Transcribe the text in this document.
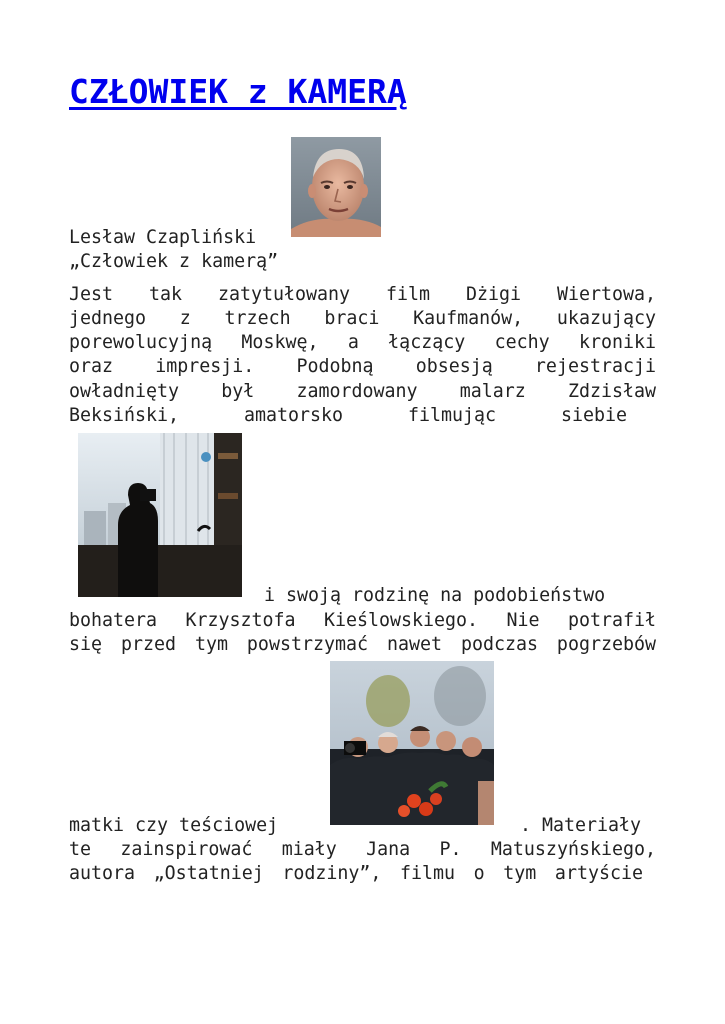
CZŁOWIEK z KAMERĄ
Lesław Czapliński
„Człowiek z kamerą”
Jest tak zatytułowany film Dżigi Wiertowa,
jednego z trzech braci Kaufmanów, ukazujący
porewolucyjną Moskwę, a łączący cechy kroniki
oraz impresji. Podobną obsesją rejestracji
owładnięty był zamordowany malarz Zdzisław
Beksiński, amatorsko filmując siebie
i swoją rodzinę na podobieństwo
bohatera Krzysztofa Kieślowskiego. Nie potrafił
się przed tym powstrzymać nawet podczas pogrzebów
matki czy teściowej	. Materiały
te zainspirować miały Jana P. Matuszyńskiego,
autora „Ostatniej rodziny”, filmu o tym artyście
